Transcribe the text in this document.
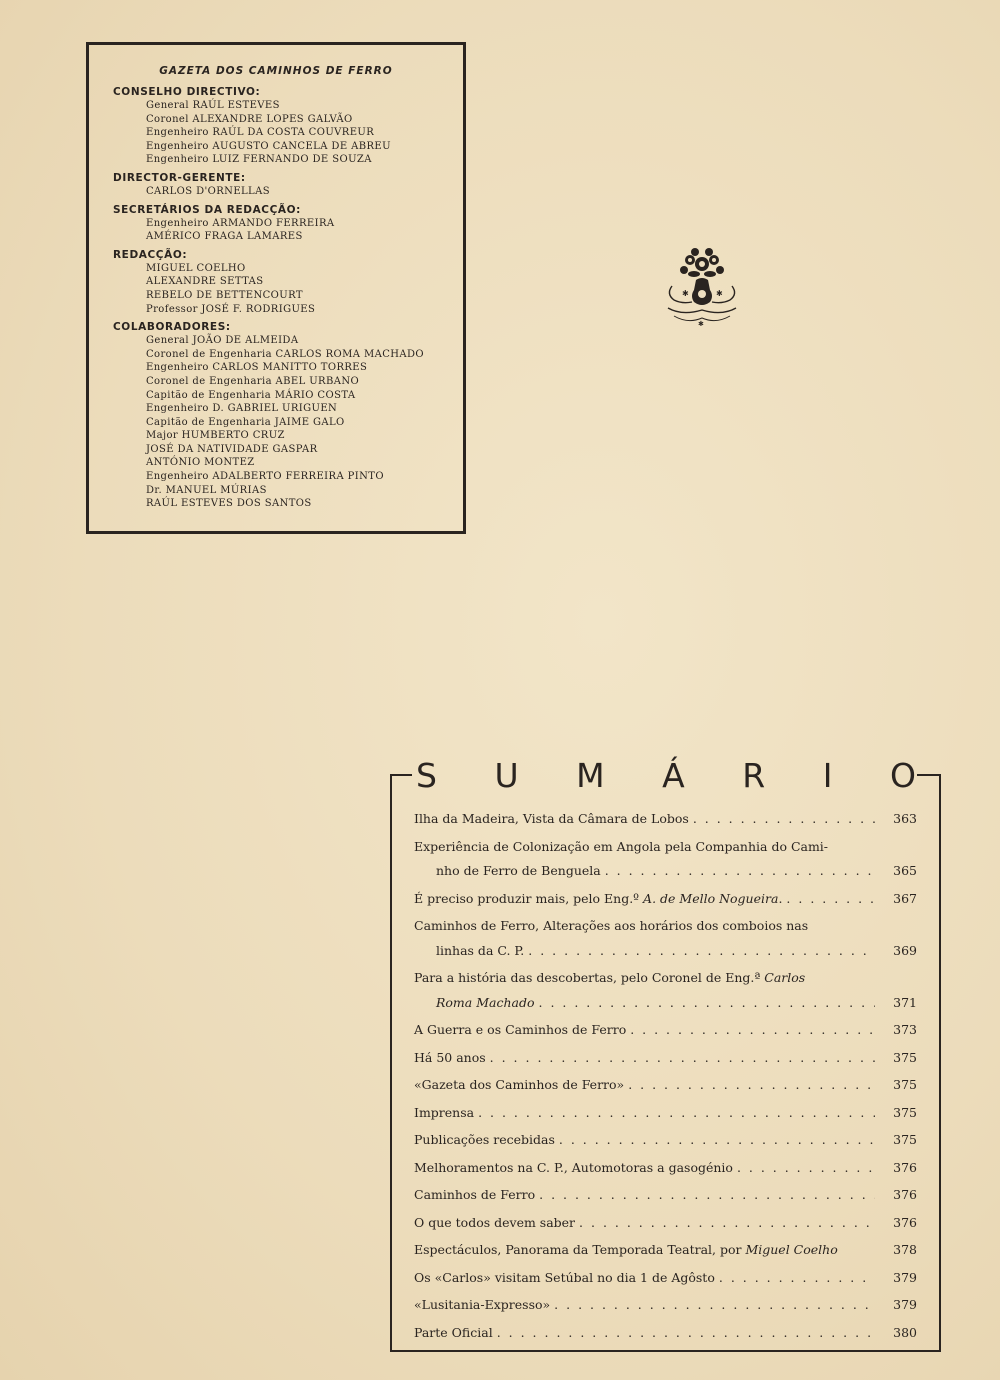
GAZETA DOS CAMINHOS DE FERRO
CONSELHO DIRECTIVO:
General RAÚL ESTEVES
Coronel ALEXANDRE LOPES GALVÃO
Engenheiro RAÚL DA COSTA COUVREUR
Engenheiro AUGUSTO CANCELA DE ABREU
Engenheiro LUIZ FERNANDO DE SOUZA
DIRECTOR-GERENTE:
CARLOS D'ORNELLAS
SECRETÁRIOS DA REDACÇÃO:
Engenheiro ARMANDO FERREIRA
AMÉRICO FRAGA LAMARES
REDACÇÃO:
MIGUEL COELHO
ALEXANDRE SETTAS
REBELO DE BETTENCOURT
Professor JOSÉ F. RODRIGUES
COLABORADORES:
General JOÃO DE ALMEIDA
Coronel de Engenharia CARLOS ROMA MACHADO
Engenheiro CARLOS MANITTO TORRES
Coronel de Engenharia ABEL URBANO
Capitão de Engenharia MÁRIO COSTA
Engenheiro D. GABRIEL URIGUEN
Capitão de Engenharia JAIME GALO
Major HUMBERTO CRUZ
JOSÉ DA NATIVIDADE GASPAR
ANTÓNIO MONTEZ
Engenheiro ADALBERTO FERREIRA PINTO
Dr. MANUEL MÚRIAS
RAÚL ESTEVES DOS SANTOS
✱	✱
✱
S U M Á R I O
Ilha da Madeira, Vista da Câmara de Lobos . . .	363
Experiência de Colonização em Angola pela Companhia do Cami-
nho de Ferro de Benguela . . .	365
É preciso produzir mais, pelo Eng.º A. de Mello Nogueira. . . .	367
Caminhos de Ferro, Alterações aos horários dos comboios nas
linhas da C. P. . . .	369
Para a história das descobertas, pelo Coronel de Eng.ª Carlos
Roma Machado . . .	371
A Guerra e os Caminhos de Ferro . . .	373
Há 50 anos . . .	375
«Gazeta dos Caminhos de Ferro» . . .	375
Imprensa . . .	375
Publicações recebidas . . .	375
Melhoramentos na C. P., Automotoras a gasogénio . . .	376
Caminhos de Ferro . . .	376
O que todos devem saber . . .	376
Espectáculos, Panorama da Temporada Teatral, por Miguel Coelho	378
Os «Carlos» visitam Setúbal no dia 1 de Agôsto . . .	379
«Lusitania-Expresso» . . .	379
Parte Oficial . . .	380
